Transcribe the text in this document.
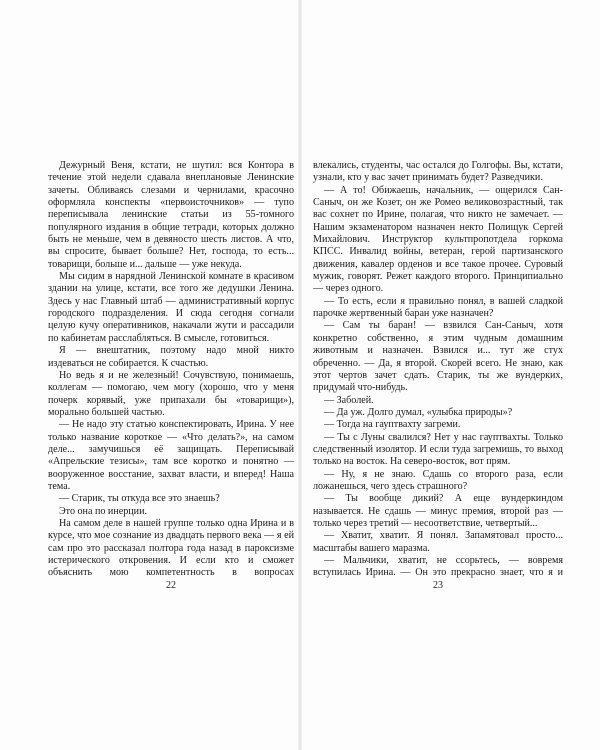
Дежурный Веня, кстати, не шутил: вся Контора в течение этой недели сдавала внеплановые Ленинские зачеты. Обливаясь слезами и чернилами, красочно оформляла конспекты «первоисточников» — тупо переписывала ленинские статьи из 55-томного популярного издания в общие тетради, которых должно быть не меньше, чем в девяносто шесть листов. А что, вы спросите, бывает больше? Нет, господа, то есть... товарищи, больше и... дальше — уже некуда.

Мы сидим в нарядной Ленинской комнате в красивом здании на улице, кстати, все того же дедушки Ленина. Здесь у нас Главный штаб — административный корпус городского подразделения. И сюда сегодня согнали целую кучу оперативников, накачали жути и рассадили по кабинетам расслабляться. В смысле, готовиться.

Я — внештатник, поэтому надо мной никто издеваться не собирается. К счастью.

Но ведь я и не железный! Сочувствую, понимаешь, коллегам — помогаю, чем могу (хорошо, что у меня почерк корявый, уже припахали бы «товарищи»), морально большей частью.

— Не надо эту статью конспектировать, Ирина. У нее только название короткое — «Что делать?», на самом деле... замучишься её защищать. Переписывай «Апрельские тезисы», там все коротко и понятно — вооруженное восстание, захват власти, и вперед! Наша тема.

— Старик, ты откуда все это знаешь?

Это она по инерции.

На самом деле в нашей группе только одна Ирина и в курсе, что мое сознание из двадцать первого века — я ей сам про это рассказал полтора года назад в пароксизме истерического откровения. И если кто и сможет объяснить мою компетентность в вопросах

22

влекались, студенты, час остался до Голгофы. Вы, кстати, узнали, кто у вас зачет принимать будет? Разведчики.

— А то! Обижаешь, начальник, — ощерился Сан-Саныч, он же Козет, он же Ромео великовозрастный, так вас сохнет по Ирине, полагая, что никто не замечает. — Нашим экзаменатором назначен некто Полищук Сергей Михайлович. Инструктор культпропотдела горкома КПСС. Инвалид войны, ветеран, герой партизанского движения, кавалер орденов и все такое прочее. Суровый мужик, говорят. Режет каждого второго. Принципиально — через одного.

— То есть, если я правильно понял, в вашей сладкой парочке жертвенный баран уже назначен?

— Сам ты баран! — взвился Сан-Саныч, хотя конкретно собственно, я этим чудным домашним животным и назначен. Взвился и... тут же стух обреченно. — Да, я второй. Скорей всего. Не знаю, как этот чертов зачет сдать. Старик, ты же вундерких, придумай что-нибудь.

— Заболей.

— Да уж. Долго думал, «улыбка природы»?

— Тогда на гауптвахту загреми.

— Ты с Луны свалился? Нет у нас гауптвахты. Только следственный изолятор. И если туда загремишь, то выход только на восток. На северо-восток, вот прям.

— Ну, я не знаю. Сдашь со второго раза, если ложанешься, чего здесь страшного?

— Ты вообще дикий? А еще вундеркиндом называется. Не сдашь — минус премия, второй раз — только через третий — несоответствие, четвертый...

— Хватит, хватит. Я понял. Запамятовал просто... масштабы вашего маразма.

— Мальчики, хватит, не ссорьтесь, — вовремя вступилась Ирина. — Он это прекрасно знает, что я и

23
